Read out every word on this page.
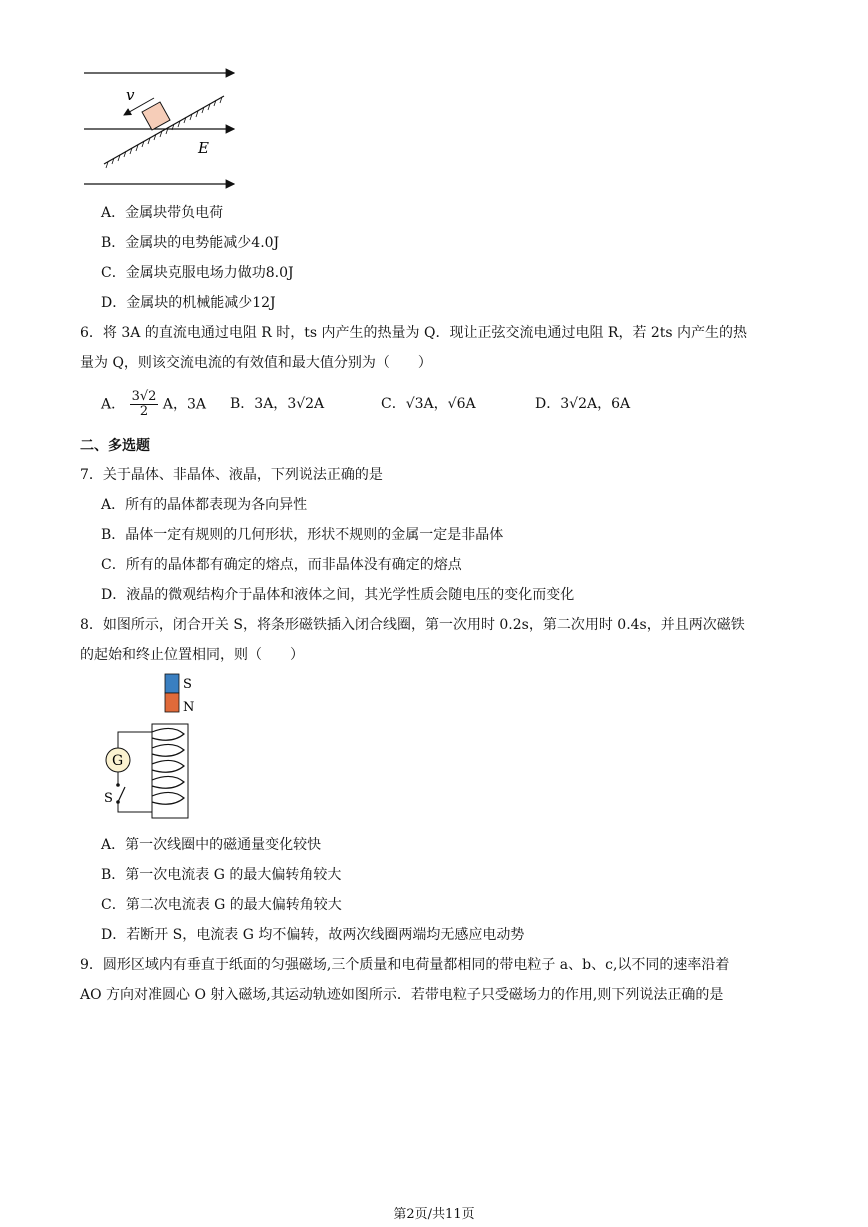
v
E
A．金属块带负电荷
B．金属块的电势能减少4.0J
C．金属块克服电场力做功8.0J
D．金属块的机械能减少12J
6．将 3A 的直流电通过电阻 R 时，ts 内产生的热量为 Q．现让正弦交流电通过电阻 R，若 2ts 内产生的热
量为 Q，则该交流电流的有效值和最大值分别为（　　）
A． $\frac{3√2}{2}$ A，3A B．3A，3√2A	C．√3A，√6A	D．3√2A，6A
二、多选题
7．关于晶体、非晶体、液晶，下列说法正确的是
A．所有的晶体都表现为各向异性
B．晶体一定有规则的几何形状，形状不规则的金属一定是非晶体
C．所有的晶体都有确定的熔点，而非晶体没有确定的熔点
D．液晶的微观结构介于晶体和液体之间，其光学性质会随电压的变化而变化
8．如图所示，闭合开关 S，将条形磁铁插入闭合线圈，第一次用时 0.2s，第二次用时 0.4s，并且两次磁铁
的起始和终止位置相同，则（　　）
S
N
G
S
A．第一次线圈中的磁通量变化较快
B．第一次电流表 G 的最大偏转角较大
C．第二次电流表 G 的最大偏转角较大
D．若断开 S，电流表 G 均不偏转，故两次线圈两端均无感应电动势
9．圆形区域内有垂直于纸面的匀强磁场,三个质量和电荷量都相同的带电粒子 a、b、c,以不同的速率沿着
AO 方向对准圆心 O 射入磁场,其运动轨迹如图所示．若带电粒子只受磁场力的作用,则下列说法正确的是
第2页/共11页
